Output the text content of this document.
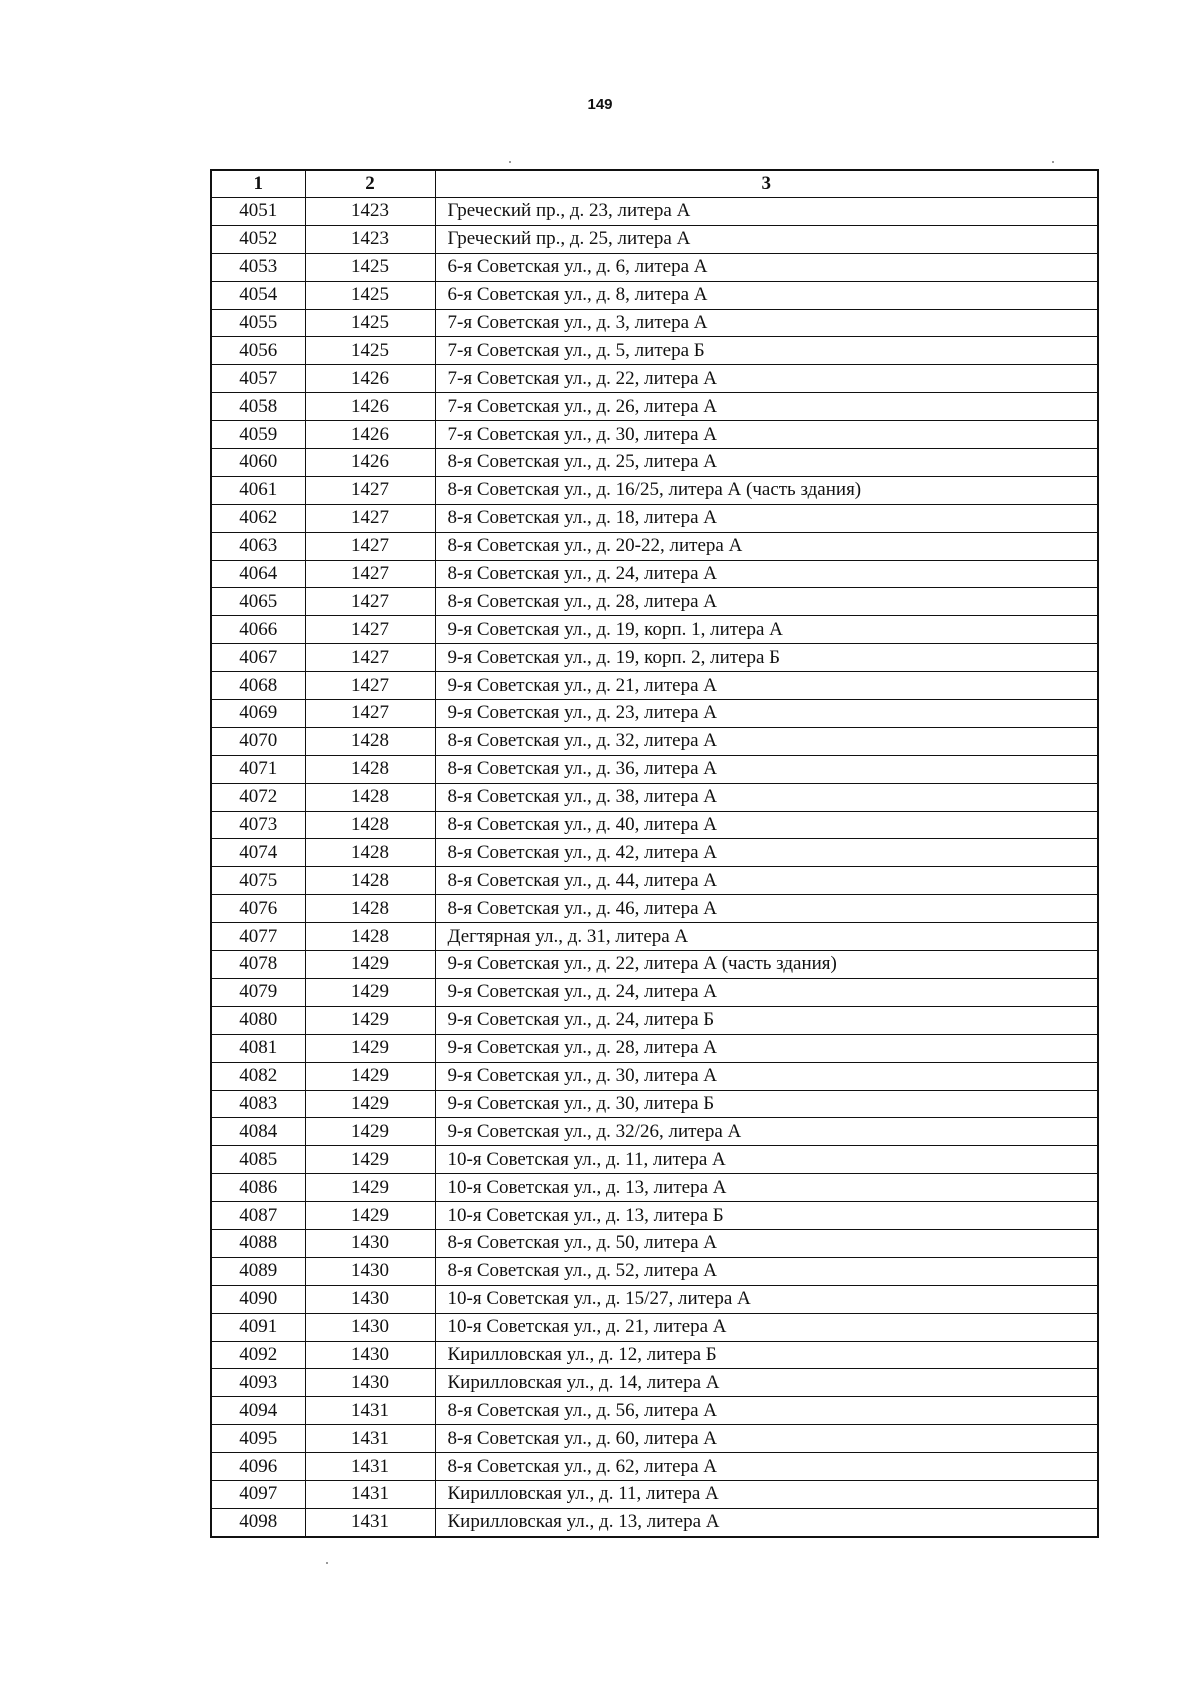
149
1	2	3
4051	1423	Греческий пр., д. 23, литера А
4052	1423	Греческий пр., д. 25, литера А
4053	1425	6-я Советская ул., д. 6, литера А
4054	1425	6-я Советская ул., д. 8, литера А
4055	1425	7-я Советская ул., д. 3, литера А
4056	1425	7-я Советская ул., д. 5, литера Б
4057	1426	7-я Советская ул., д. 22, литера А
4058	1426	7-я Советская ул., д. 26, литера А
4059	1426	7-я Советская ул., д. 30, литера А
4060	1426	8-я Советская ул., д. 25, литера А
4061	1427	8-я Советская ул., д. 16/25, литера А (часть здания)
4062	1427	8-я Советская ул., д. 18, литера А
4063	1427	8-я Советская ул., д. 20-22, литера А
4064	1427	8-я Советская ул., д. 24, литера А
4065	1427	8-я Советская ул., д. 28, литера А
4066	1427	9-я Советская ул., д. 19, корп. 1, литера А
4067	1427	9-я Советская ул., д. 19, корп. 2, литера Б
4068	1427	9-я Советская ул., д. 21, литера А
4069	1427	9-я Советская ул., д. 23, литера А
4070	1428	8-я Советская ул., д. 32, литера А
4071	1428	8-я Советская ул., д. 36, литера А
4072	1428	8-я Советская ул., д. 38, литера А
4073	1428	8-я Советская ул., д. 40, литера А
4074	1428	8-я Советская ул., д. 42, литера А
4075	1428	8-я Советская ул., д. 44, литера А
4076	1428	8-я Советская ул., д. 46, литера А
4077	1428	Дегтярная ул., д. 31, литера А
4078	1429	9-я Советская ул., д. 22, литера А (часть здания)
4079	1429	9-я Советская ул., д. 24, литера А
4080	1429	9-я Советская ул., д. 24, литера Б
4081	1429	9-я Советская ул., д. 28, литера А
4082	1429	9-я Советская ул., д. 30, литера А
4083	1429	9-я Советская ул., д. 30, литера Б
4084	1429	9-я Советская ул., д. 32/26, литера А
4085	1429	10-я Советская ул., д. 11, литера А
4086	1429	10-я Советская ул., д. 13, литера А
4087	1429	10-я Советская ул., д. 13, литера Б
4088	1430	8-я Советская ул., д. 50, литера А
4089	1430	8-я Советская ул., д. 52, литера А
4090	1430	10-я Советская ул., д. 15/27, литера А
4091	1430	10-я Советская ул., д. 21, литера А
4092	1430	Кирилловская ул., д. 12, литера Б
4093	1430	Кирилловская ул., д. 14, литера А
4094	1431	8-я Советская ул., д. 56, литера А
4095	1431	8-я Советская ул., д. 60, литера А
4096	1431	8-я Советская ул., д. 62, литера А
4097	1431	Кирилловская ул., д. 11, литера А
4098	1431	Кирилловская ул., д. 13, литера А
